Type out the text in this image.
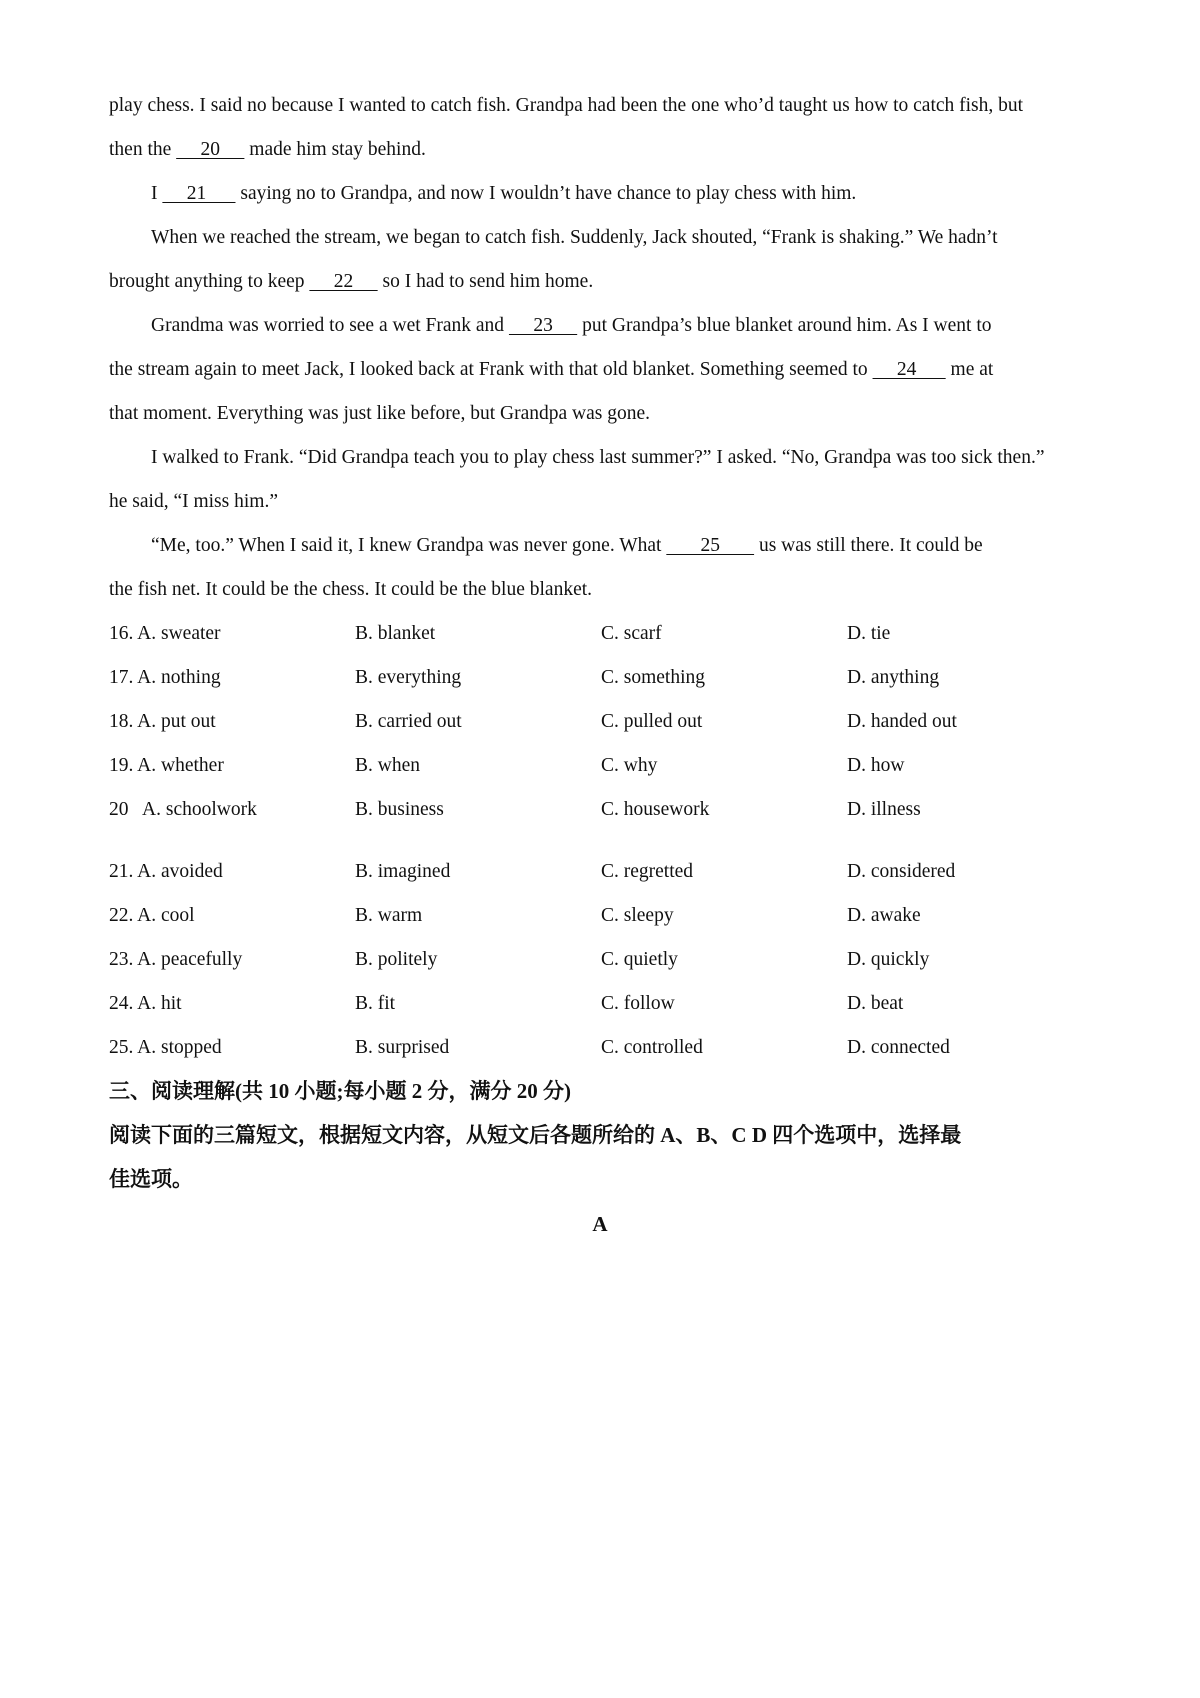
play chess. I said no because I wanted to catch fish. Grandpa had been the one who’d taught us how to catch fish, but
then the      20      made him stay behind.
I      21       saying no to Grandpa, and now I wouldn’t have chance to play chess with him.
When we reached the stream, we began to catch fish. Suddenly, Jack shouted, “Frank is shaking.” We hadn’t
brought anything to keep      22      so I had to send him home.
Grandma was worried to see a wet Frank and      23      put Grandpa’s blue blanket around him. As I went to
the stream again to meet Jack, I looked back at Frank with that old blanket. Something seemed to      24       me at
that moment. Everything was just like before, but Grandpa was gone.
I walked to Frank. “Did Grandpa teach you to play chess last summer?” I asked. “No, Grandpa was too sick then.”
he said, “I miss him.”
“Me, too.” When I said it, I knew Grandpa was never gone. What        25        us was still there. It could be
the fish net. It could be the chess. It could be the blue blanket.
16. A. sweater	B. blanket	C. scarf	D. tie
17. A. nothing	B. everything	C. something	D. anything
18. A. put out	B. carried out	C. pulled out	D. handed out
19. A. whether	B. when	C. why	D. how
20   A. schoolwork	B. business	C. housework	D. illness
21. A. avoided	B. imagined	C. regretted	D. considered
22. A. cool	B. warm	C. sleepy	D. awake
23. A. peacefully	B. politely	C. quietly	D. quickly
24. A. hit	B. fit	C. follow	D. beat
25. A. stopped	B. surprised	C. controlled	D. connected
三、阅读理解(共 10 小题;每小题 2 分，满分 20 分)
阅读下面的三篇短文，根据短文内容，从短文后各题所给的 A、B、C D 四个选项中，选择最
佳选项。
A
